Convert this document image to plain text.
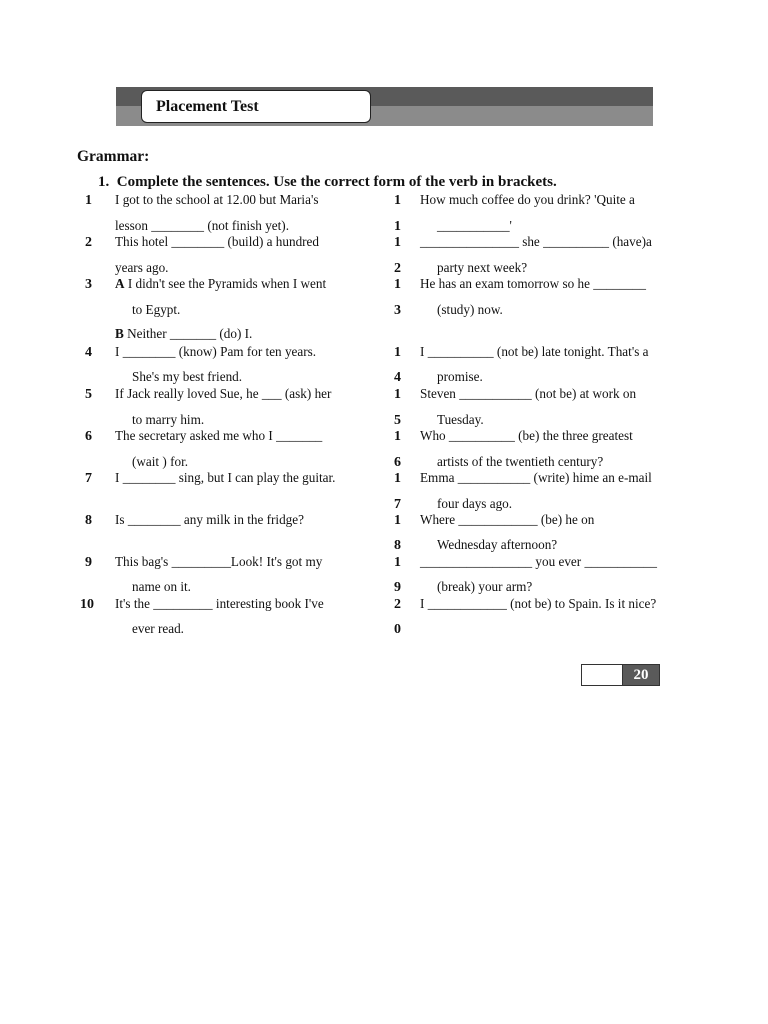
Placement Test
Grammar:
1.  Complete the sentences. Use the correct form of the verb in brackets.
1
2
3
4
5
6
7
8
9
10
I got to the school at 12.00 but Maria's
lesson ________ (not finish yet).
This hotel ________ (build) a hundred
years ago.
A I didn't see the Pyramids when I went
to Egypt.
B Neither _______ (do) I.
I ________ (know) Pam for ten years.
She's my best friend.
If Jack really loved Sue, he ___ (ask) her
to marry him.
The secretary asked me who I _______
(wait ) for.
I ________ sing, but I can play the guitar.
Is ________ any milk in the fridge?
This bag's _________Look! It's got my
name on it.
It's the _________ interesting book I've
ever read.
1
1
1
2
1
3
1
4
1
5
1
6
1
7
1
8
1
9
2
0
How much coffee do you drink? 'Quite a
___________'
_______________ she __________ (have)a
party next week?
He has an exam tomorrow so he ________
(study) now.
I __________ (not be) late tonight. That's a
promise.
Steven ___________ (not be) at work on
Tuesday.
Who __________ (be) the three greatest
artists of the twentieth century?
Emma ___________ (write) hime an e-mail
four days ago.
Where ____________ (be) he on
Wednesday afternoon?
_________________ you ever ___________
(break) your arm?
I ____________ (not be) to Spain. Is it nice?
20
